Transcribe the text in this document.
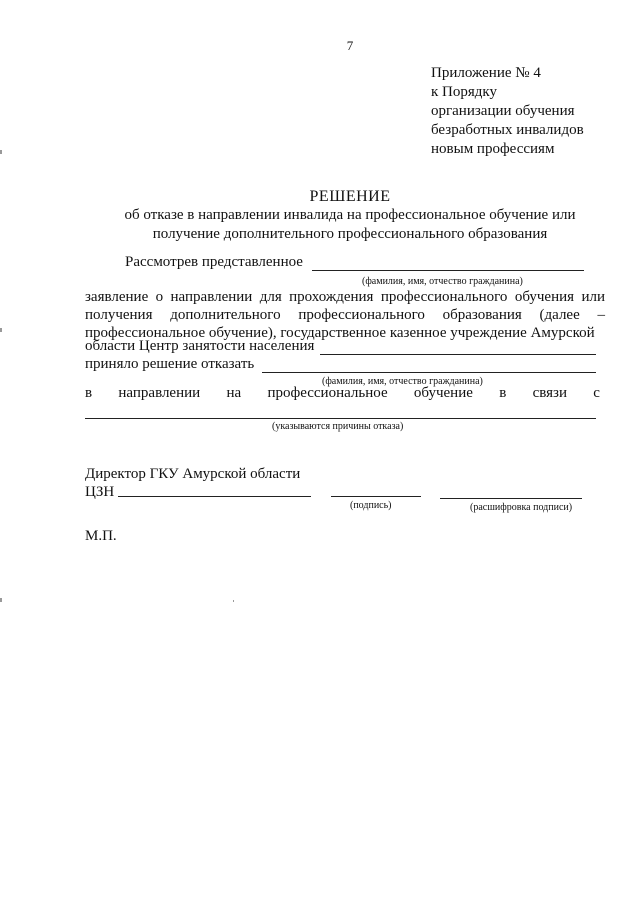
7
Приложение № 4
к Порядку
организации обучения
безработных инвалидов
новым профессиям
РЕШЕНИЕ
об отказе в направлении инвалида на профессиональное обучение или
получение дополнительного профессионального образования
Рассмотрев представленное
(фамилия, имя, отчество гражданина)
заявление о направлении для прохождения профессионального обучения или получения дополнительного профессионального образования (далее – профессиональное обучение), государственное казенное учреждение Амурской
области Центр занятости населения
приняло решение отказать
(фамилия, имя, отчество гражданина)
в направлении на профессиональное обучение в связи с
(указываются причины отказа)
Директор ГКУ Амурской области
ЦЗН
(подпись)	(расшифровка подписи)
М.П.
